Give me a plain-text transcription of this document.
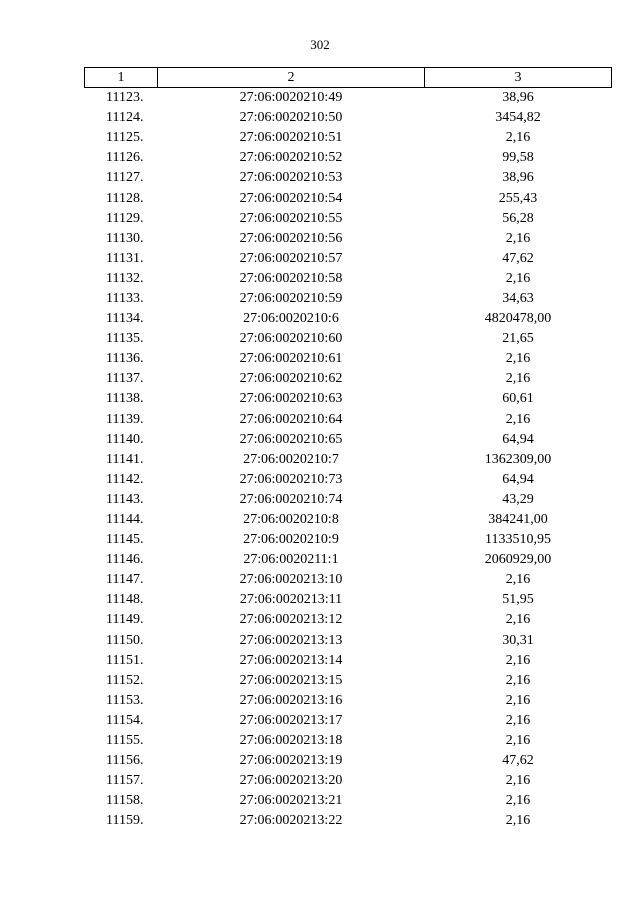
302
1	2	3
11123.	27:06:0020210:49	38,96
11124.	27:06:0020210:50	3454,82
11125.	27:06:0020210:51	2,16
11126.	27:06:0020210:52	99,58
11127.	27:06:0020210:53	38,96
11128.	27:06:0020210:54	255,43
11129.	27:06:0020210:55	56,28
11130.	27:06:0020210:56	2,16
11131.	27:06:0020210:57	47,62
11132.	27:06:0020210:58	2,16
11133.	27:06:0020210:59	34,63
11134.	27:06:0020210:6	4820478,00
11135.	27:06:0020210:60	21,65
11136.	27:06:0020210:61	2,16
11137.	27:06:0020210:62	2,16
11138.	27:06:0020210:63	60,61
11139.	27:06:0020210:64	2,16
11140.	27:06:0020210:65	64,94
11141.	27:06:0020210:7	1362309,00
11142.	27:06:0020210:73	64,94
11143.	27:06:0020210:74	43,29
11144.	27:06:0020210:8	384241,00
11145.	27:06:0020210:9	1133510,95
11146.	27:06:0020211:1	2060929,00
11147.	27:06:0020213:10	2,16
11148.	27:06:0020213:11	51,95
11149.	27:06:0020213:12	2,16
11150.	27:06:0020213:13	30,31
11151.	27:06:0020213:14	2,16
11152.	27:06:0020213:15	2,16
11153.	27:06:0020213:16	2,16
11154.	27:06:0020213:17	2,16
11155.	27:06:0020213:18	2,16
11156.	27:06:0020213:19	47,62
11157.	27:06:0020213:20	2,16
11158.	27:06:0020213:21	2,16
11159.	27:06:0020213:22	2,16
